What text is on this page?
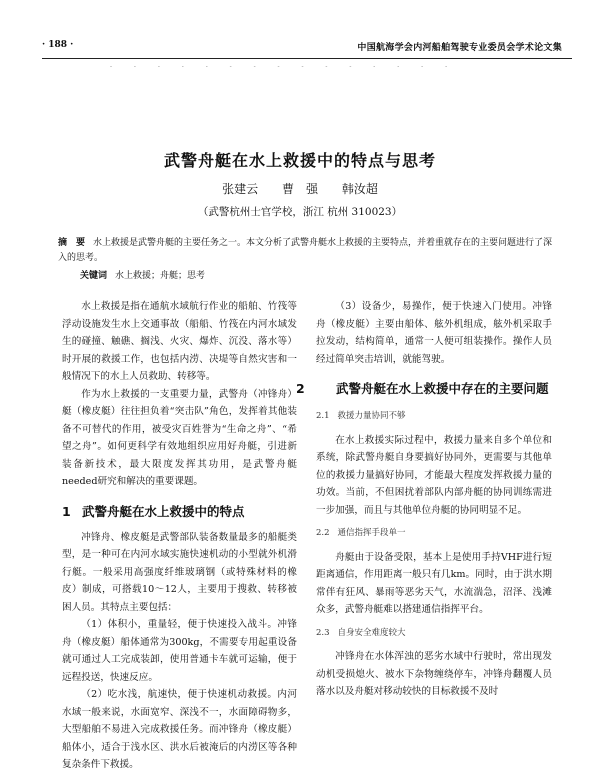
· 188 ·	中国航海学会内河船舶驾驶专业委员会学术论文集
- - - - - - - - - - - - - - -
武警舟艇在水上救援中的特点与思考
张建云 曹　强 韩汝超
（武警杭州士官学校，浙江 杭州 310023）
摘　要 水上救援是武警舟艇的主要任务之一。本文分析了武警舟艇水上救援的主要特点，并着重就存在的主要问题进行了深入的思考。
关键词 水上救援；舟艇；思考

水上救援是指在通航水域航行作业的船舶、竹筏等浮动设施发生水上交通事故（船船、竹筏在内河水域发生的碰撞、触礁、搁浅、火灾、爆炸、沉没、落水等）时开展的救援工作，也包括内涝、决堤等自然灾害和一般情况下的水上人员救助、转移等。

作为水上救援的一支重要力量，武警舟（冲锋舟）艇（橡皮艇）往往担负着“突击队”角色，发挥着其他装备不可替代的作用，被受灾百姓誉为“生命之舟”、“希望之舟”。如何更科学有效地组织应用好舟艇，引进新装备新技术，最大限度发挥其功用，是武警舟艇needed研究和解决的重要课题。

1 武警舟艇在水上救援中的特点

冲锋舟、橡皮艇是武警部队装备数量最多的船艇类型，是一种可在内河水域实施快速机动的小型就外机滑行艇。一般采用高强度纤维玻璃钢（或特殊材料的橡皮）制成，可搭载10～12人，主要用于搜救、转移被困人员。其特点主要包括：

（1）体积小，重量轻，便于快速投入战斗。冲锋舟（橡皮艇）船体通常为300kg，不需要专用起重设备就可通过人工完成装卸，使用普通卡车就可运输，便于远程投送，快速反应。

（2）吃水浅，航速快，便于快速机动救援。内河水域一般来说，水面宽窄、深浅不一，水面障碍物多，大型船舶不易进入完成救援任务。而冲锋舟（橡皮艇）船体小，适合于浅水区、洪水后被淹后的内涝区等各种复杂条件下救援。

（3）设备少，易操作，便于快速入门使用。冲锋舟（橡皮艇）主要由船体、舷外机组成，舷外机采取手拉发动，结构简单，通常一人便可组装操作。操作人员经过简单突击培训，就能驾驶。

2	武警舟艇在水上救援中存在的主要问题
2.1 救援力量协同不够

在水上救援实际过程中，救援力量来自多个单位和系统，除武警舟艇自身要搞好协同外，更需要与其他单位的救援力量搞好协同，才能最大程度发挥救援力量的功效。当前，不但困扰着部队内部舟艇的协同训练需进一步加强，而且与其他单位舟艇的协同明显不足。

2.2 通信指挥手段单一

舟艇由于设备受限，基本上是使用手持VHF进行短距离通信，作用距离一般只有几km。同时，由于洪水期常伴有狂风、暴雨等恶劣天气，水流湍急，沼泽、浅滩众多，武警舟艇难以搭建通信指挥平台。

2.3 自身安全难度较大

冲锋舟在水体浑浊的恶劣水域中行驶时，常出现发动机受损熄火、被水下杂物缠绕停车，冲锋舟翻覆人员落水以及舟艇对移动较快的目标救援不及时
